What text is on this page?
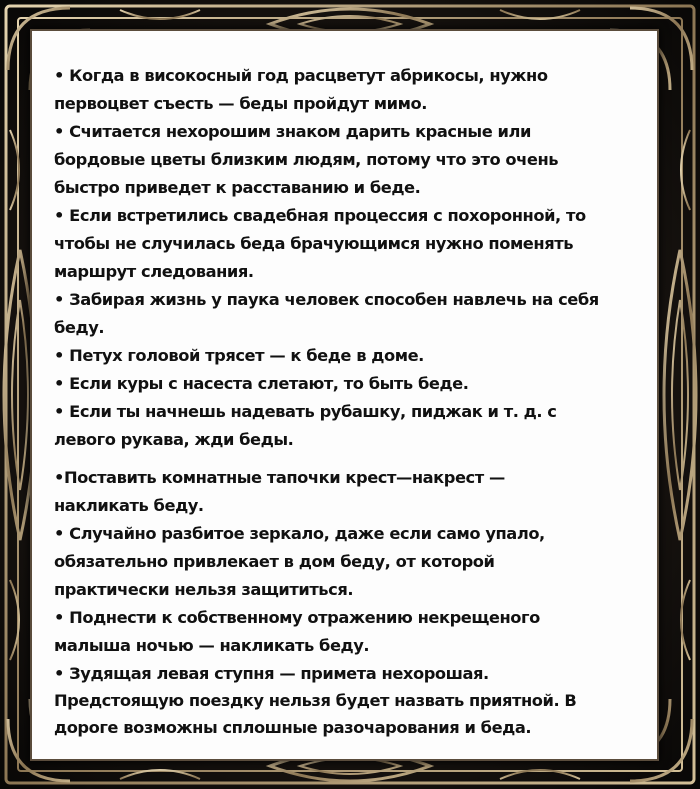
• Когда в високосный год расцветут абрикосы, нужно
первоцвет съесть — беды пройдут мимо.

• Считается нехорошим знаком дарить красные или
бордовые цветы близким людям, потому что это очень
быстро приведет к расставанию и беде.

• Если встретились свадебная процессия с похоронной, то
чтобы не случилась беда брачующимся нужно поменять
маршрут следования.

• Забирая жизнь у паука человек способен навлечь на себя
беду.

• Петух головой трясет — к беде в доме.

• Если куры с насеста слетают, то быть беде.

• Если ты начнешь надевать рубашку, пиджак и т. д. с
левого рукава, жди беды.

•Поставить комнатные тапочки крест—накрест —
накликать беду.

• Случайно разбитое зеркало, даже если само упало,
обязательно привлекает в дом беду, от которой
практически нельзя защититься.

• Поднести к собственному отражению некрещеного
малыша ночью — накликать беду.

• Зудящая левая ступня — примета нехорошая.
Предстоящую поездку нельзя будет назвать приятной. В
дороге возможны сплошные разочарования и беда.
